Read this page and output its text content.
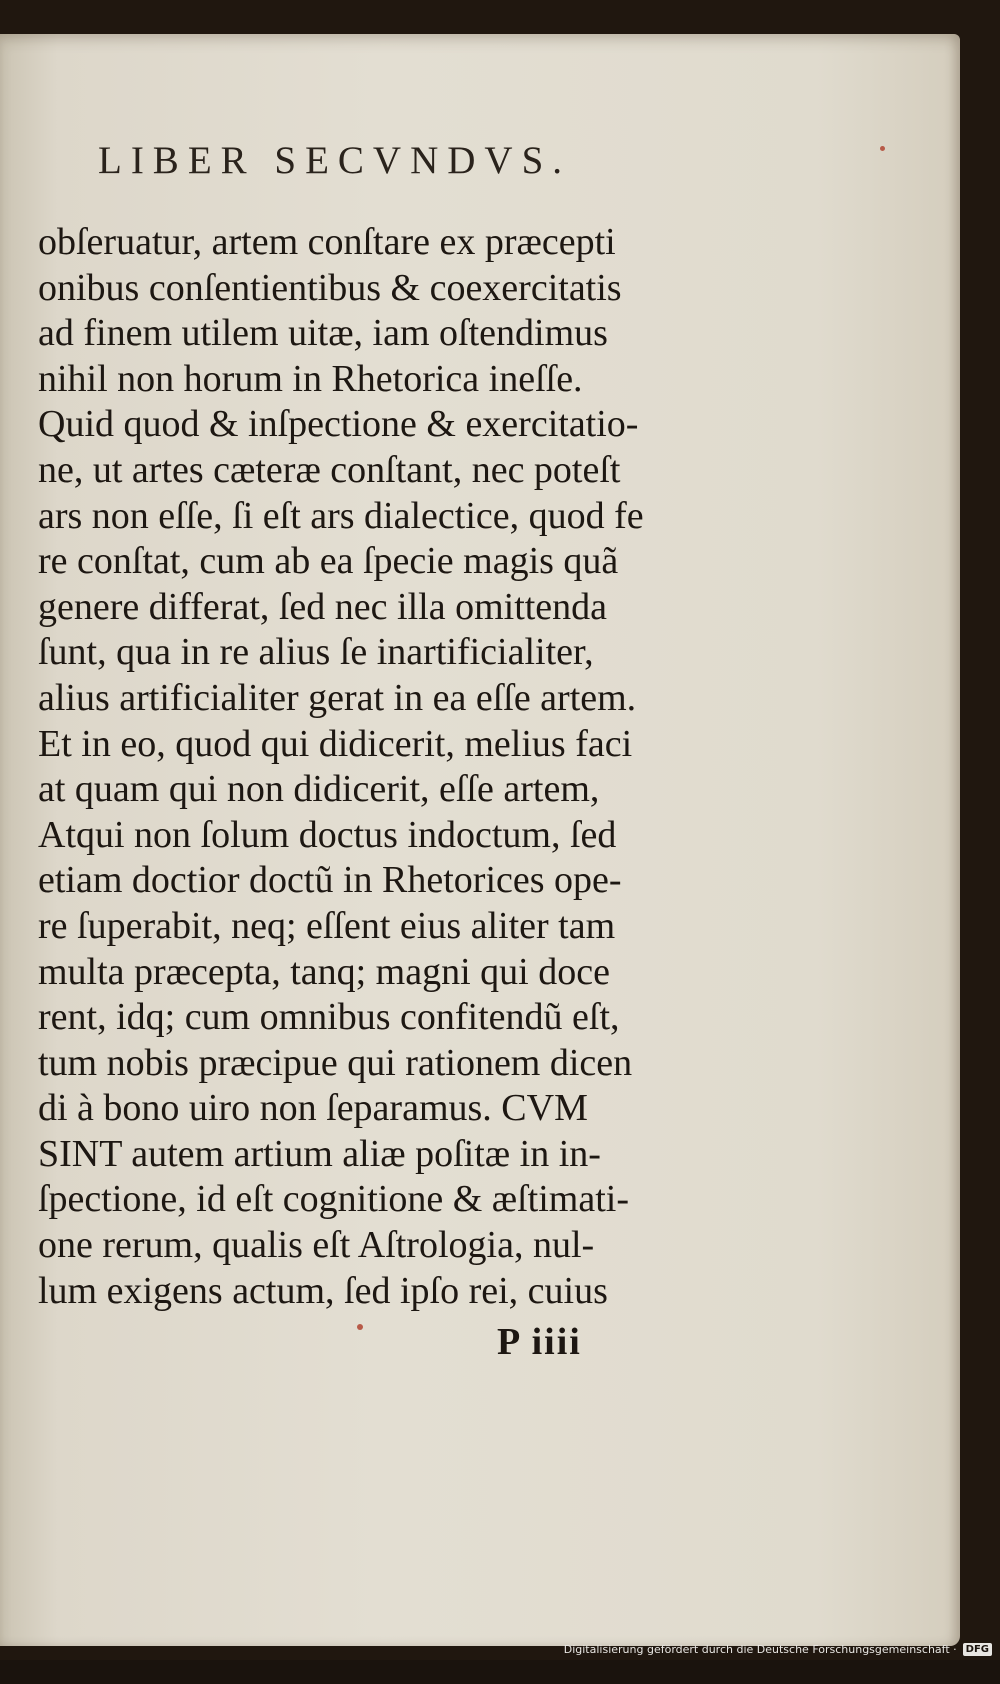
LIBER SECVNDVS.
obſeruatur, artem conſtare ex præcepti
onibus conſentientibus & coexercitatis
ad finem utilem uitæ, iam oſtendimus
nihil non horum in Rhetorica ineſſe.
Quid quod & inſpectione & exercitatio-
ne, ut artes cæteræ conſtant, nec poteſt
ars non eſſe, ſi eſt ars dialectice, quod fe
re conſtat, cum ab ea ſpecie magis quã
genere differat, ſed nec illa omittenda
ſunt, qua in re alius ſe inartificialiter,
alius artificialiter gerat in ea eſſe artem.
Et in eo, quod qui didicerit, melius faci
at quam qui non didicerit, eſſe artem,
Atqui non ſolum doctus indoctum, ſed
etiam doctior doctũ in Rhetorices ope-
re ſuperabit, neq; eſſent eius aliter tam
multa præcepta, tanq; magni qui doce
rent, idq; cum omnibus confitendũ eſt,
tum nobis præcipue qui rationem dicen
di à bono uiro non ſeparamus. CVM
SINT autem artium aliæ poſitæ in in-
ſpectione, id eſt cognitione & æſtimati-
one rerum, qualis eſt Aſtrologia, nul-
lum exigens actum, ſed ipſo rei, cuius
P iiii
Digitalisierung gefördert durch die Deutsche Forschungsgemeinschaft · DFG
